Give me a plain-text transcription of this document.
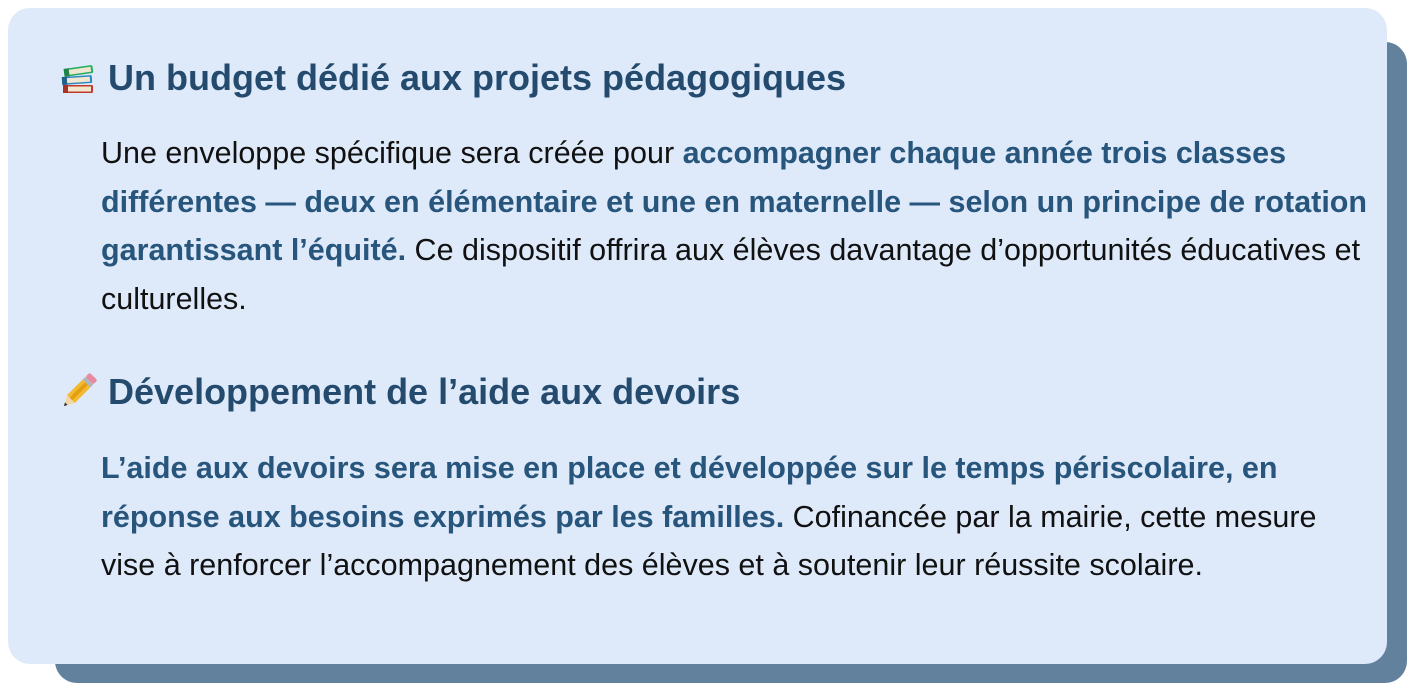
Un budget dédié aux projets pédagogiques

Une enveloppe spécifique sera créée pour accompagner chaque année trois classes différentes — deux en élémentaire et une en maternelle — selon un principe de rotation garantissant l’équité. Ce dispositif offrira aux élèves davantage d’opportunités éducatives et culturelles.

Développement de l’aide aux devoirs

L’aide aux devoirs sera mise en place et développée sur le temps périscolaire, en réponse aux besoins exprimés par les familles. Cofinancée par la mairie, cette mesure vise à renforcer l’accompagnement des élèves et à soutenir leur réussite scolaire.
